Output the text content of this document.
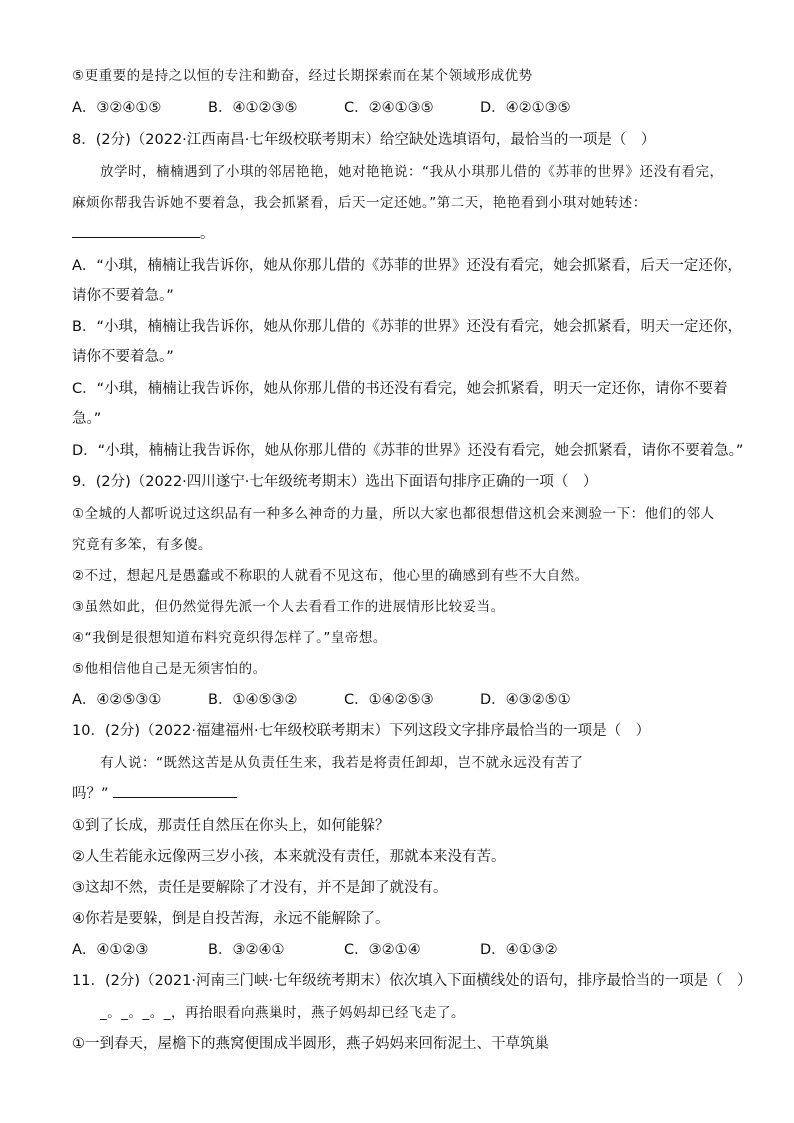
⑤更重要的是持之以恒的专注和勤奋，经过长期探索而在某个领域形成优势
A．③②④①⑤	B．④①②③⑤	C．②④①③⑤	D．④②①③⑤
8．(2分)（2022·江西南昌·七年级校联考期末）给空缺处选填语句，最恰当的一项是（　）
放学时，楠楠遇到了小琪的邻居艳艳，她对艳艳说：“我从小琪那儿借的《苏菲的世界》还没有看完，
麻烦你帮我告诉她不要着急，我会抓紧看，后天一定还她。”第二天，艳艳看到小琪对她转述：
。
A．“小琪，楠楠让我告诉你，她从你那儿借的《苏菲的世界》还没有看完，她会抓紧看，后天一定还你，
请你不要着急。”
B．“小琪，楠楠让我告诉你，她从你那儿借的《苏菲的世界》还没有看完，她会抓紧看，明天一定还你，
请你不要着急。”
C．“小琪，楠楠让我告诉你，她从你那儿借的书还没有看完，她会抓紧看，明天一定还你，请你不要着
急。”
D．“小琪，楠楠让我告诉你，她从你那儿借的《苏菲的世界》还没有看完，她会抓紧看，请你不要着急。”
9．(2分)（2022·四川遂宁·七年级统考期末）选出下面语句排序正确的一项（　）
①全城的人都听说过这织品有一种多么神奇的力量，所以大家也都很想借这机会来测验一下：他们的邻人
究竟有多笨，有多傻。
②不过，想起凡是愚蠢或不称职的人就看不见这布，他心里的确感到有些不大自然。
③虽然如此，但仍然觉得先派一个人去看看工作的进展情形比较妥当。
④“我倒是很想知道布料究竟织得怎样了。”皇帝想。
⑤他相信他自己是无须害怕的。
A．④②⑤③①	B．①④⑤③②	C．①④②⑤③	D．④③②⑤①
10．(2分)（2022·福建福州·七年级校联考期末）下列这段文字排序最恰当的一项是（　）
有人说：“既然这苦是从负责任生来，我若是将责任卸却，岂不就永远没有苦了
吗？”
①到了长成，那责任自然压在你头上，如何能躲？
②人生若能永远像两三岁小孩，本来就没有责任，那就本来没有苦。
③这却不然，责任是要解除了才没有，并不是卸了就没有。
④你若是要躲，倒是自投苦海，永远不能解除了。
A．④①②③	B．③②④①	C．③②①④	D．④①③②
11．(2分)（2021·河南三门峡·七年级统考期末）依次填入下面横线处的语句，排序最恰当的一项是（　）
_。_。_。_，再抬眼看向燕巢时，燕子妈妈却已经飞走了。
①一到春天，屋檐下的燕窝便围成半圆形，燕子妈妈来回衔泥土、干草筑巢
